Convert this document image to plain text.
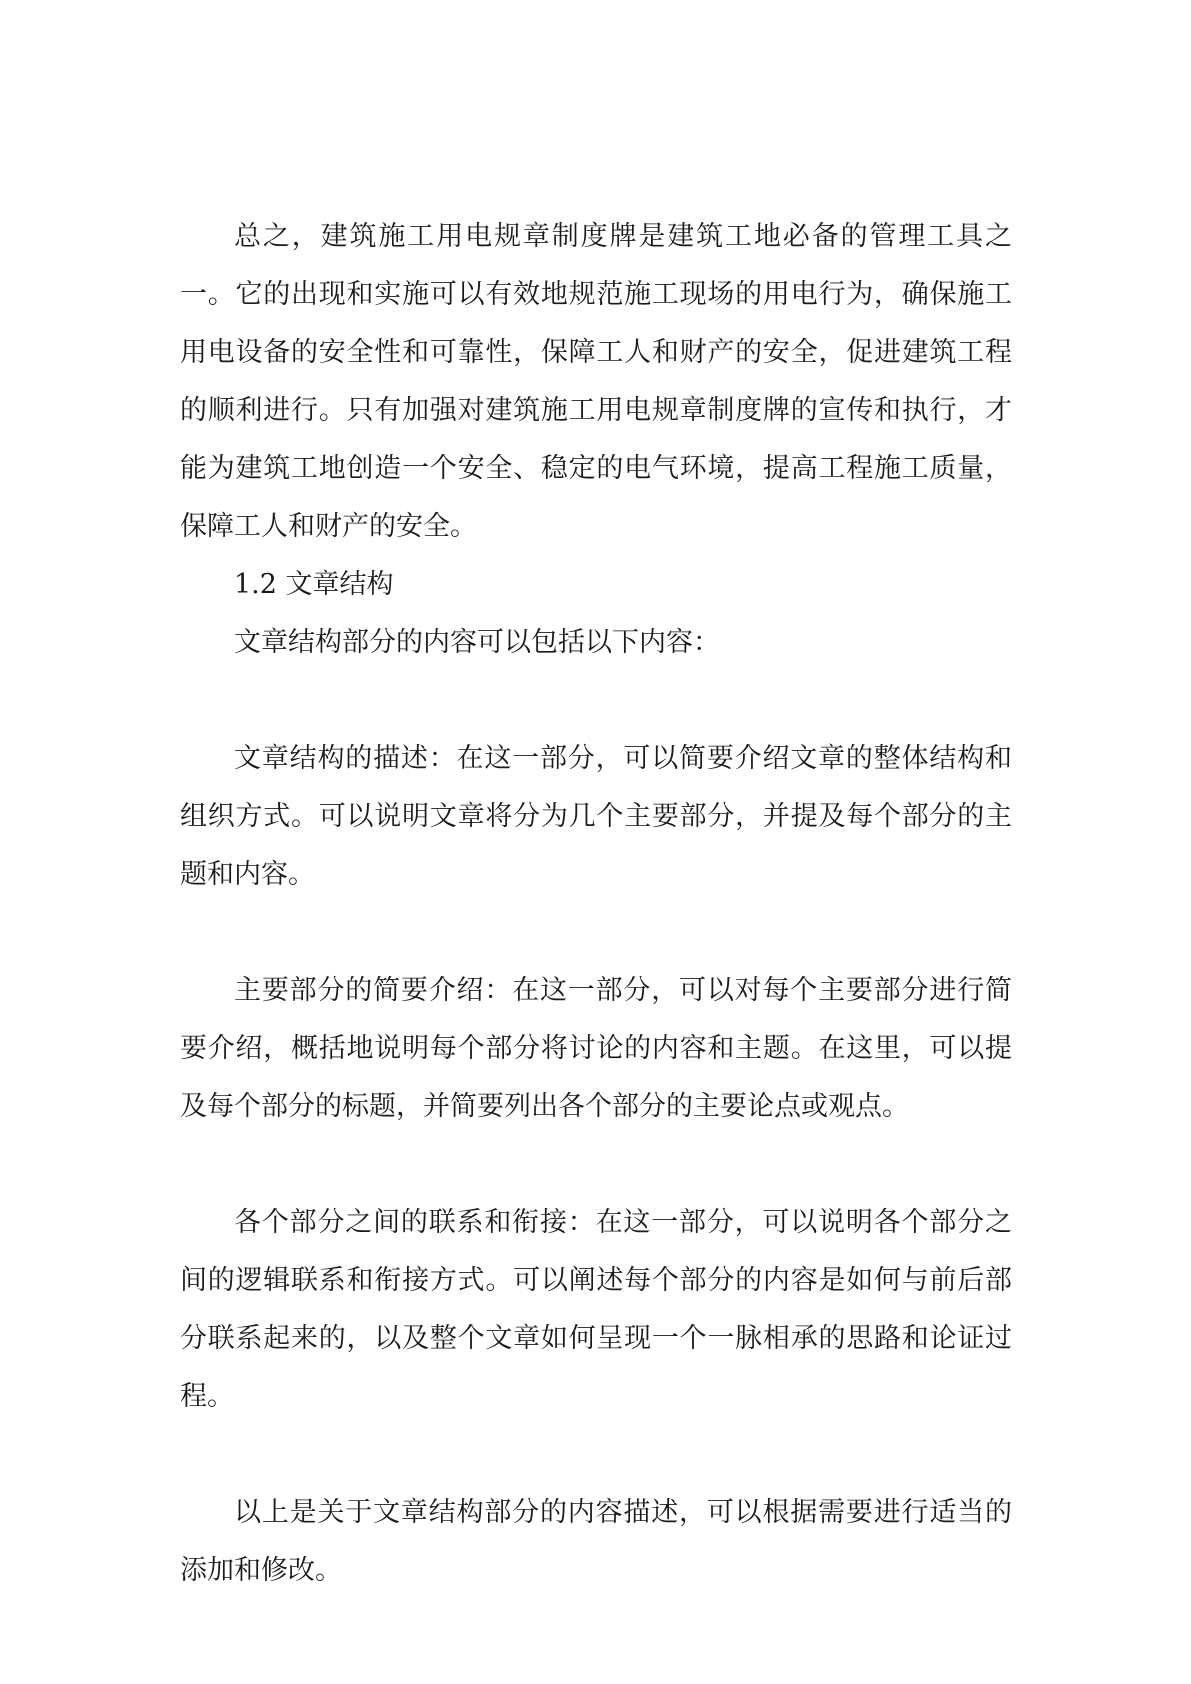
总之，建筑施工用电规章制度牌是建筑工地必备的管理工具之一。它的出现和实施可以有效地规范施工现场的用电行为，确保施工用电设备的安全性和可靠性，保障工人和财产的安全，促进建筑工程的顺利进行。只有加强对建筑施工用电规章制度牌的宣传和执行，才能为建筑工地创造一个安全、稳定的电气环境，提高工程施工质量，保障工人和财产的安全。

1.2 文章结构

文章结构部分的内容可以包括以下内容：

文章结构的描述：在这一部分，可以简要介绍文章的整体结构和组织方式。可以说明文章将分为几个主要部分，并提及每个部分的主题和内容。

主要部分的简要介绍：在这一部分，可以对每个主要部分进行简要介绍，概括地说明每个部分将讨论的内容和主题。在这里，可以提及每个部分的标题，并简要列出各个部分的主要论点或观点。

各个部分之间的联系和衔接：在这一部分，可以说明各个部分之间的逻辑联系和衔接方式。可以阐述每个部分的内容是如何与前后部分联系起来的，以及整个文章如何呈现一个一脉相承的思路和论证过程。

以上是关于文章结构部分的内容描述，可以根据需要进行适当的添加和修改。
